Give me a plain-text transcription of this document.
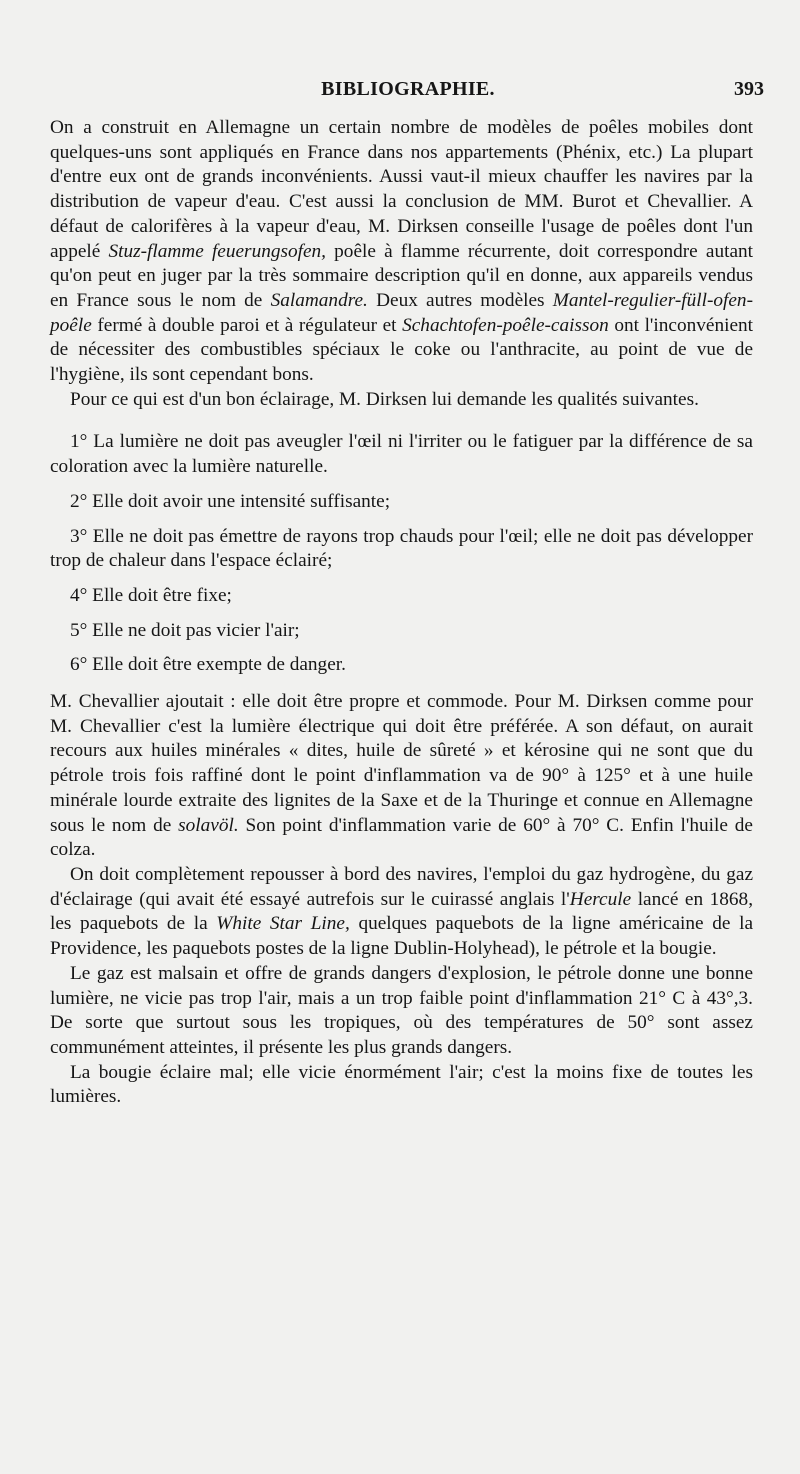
BIBLIOGRAPHIE.	393

On a construit en Allemagne un certain nombre de modèles de poêles mobiles dont quelques-uns sont appliqués en France dans nos appartements (Phénix, etc.) La plupart d'entre eux ont de grands inconvénients. Aussi vaut-il mieux chauffer les navires par la distribution de vapeur d'eau. C'est aussi la conclusion de MM. Burot et Chevallier. A défaut de calorifères à la vapeur d'eau, M. Dirksen conseille l'usage de poêles dont l'un appelé Stuz-flamme feuerungsofen, poêle à flamme récurrente, doit correspondre autant qu'on peut en juger par la très sommaire description qu'il en donne, aux appareils vendus en France sous le nom de Salamandre. Deux autres modèles Mantel-regulier-füll-ofen-poêle fermé à double paroi et à régulateur et Schachtofen-poêle-caisson ont l'inconvénient de nécessiter des combustibles spéciaux le coke ou l'anthracite, au point de vue de l'hygiène, ils sont cependant bons.

Pour ce qui est d'un bon éclairage, M. Dirksen lui demande les qualités suivantes.

1° La lumière ne doit pas aveugler l'œil ni l'irriter ou le fatiguer par la différence de sa coloration avec la lumière naturelle.

2° Elle doit avoir une intensité suffisante;

3° Elle ne doit pas émettre de rayons trop chauds pour l'œil; elle ne doit pas développer trop de chaleur dans l'espace éclairé;

4° Elle doit être fixe;

5° Elle ne doit pas vicier l'air;

6° Elle doit être exempte de danger.

M. Chevallier ajoutait : elle doit être propre et commode. Pour M. Dirksen comme pour M. Chevallier c'est la lumière électrique qui doit être préférée. A son défaut, on aurait recours aux huiles minérales « dites, huile de sûreté » et kérosine qui ne sont que du pétrole trois fois raffiné dont le point d'inflammation va de 90° à 125° et à une huile minérale lourde extraite des lignites de la Saxe et de la Thuringe et connue en Allemagne sous le nom de solavöl. Son point d'inflammation varie de 60° à 70° C. Enfin l'huile de colza.

On doit complètement repousser à bord des navires, l'emploi du gaz hydrogène, du gaz d'éclairage (qui avait été essayé autrefois sur le cuirassé anglais l'Hercule lancé en 1868, les paquebots de la White Star Line, quelques paquebots de la ligne américaine de la Providence, les paquebots postes de la ligne Dublin-Holyhead), le pétrole et la bougie.

Le gaz est malsain et offre de grands dangers d'explosion, le pétrole donne une bonne lumière, ne vicie pas trop l'air, mais a un trop faible point d'inflammation 21° C à 43°,3. De sorte que surtout sous les tropiques, où des températures de 50° sont assez communément atteintes, il présente les plus grands dangers.

La bougie éclaire mal; elle vicie énormément l'air; c'est la moins fixe de toutes les lumières.
